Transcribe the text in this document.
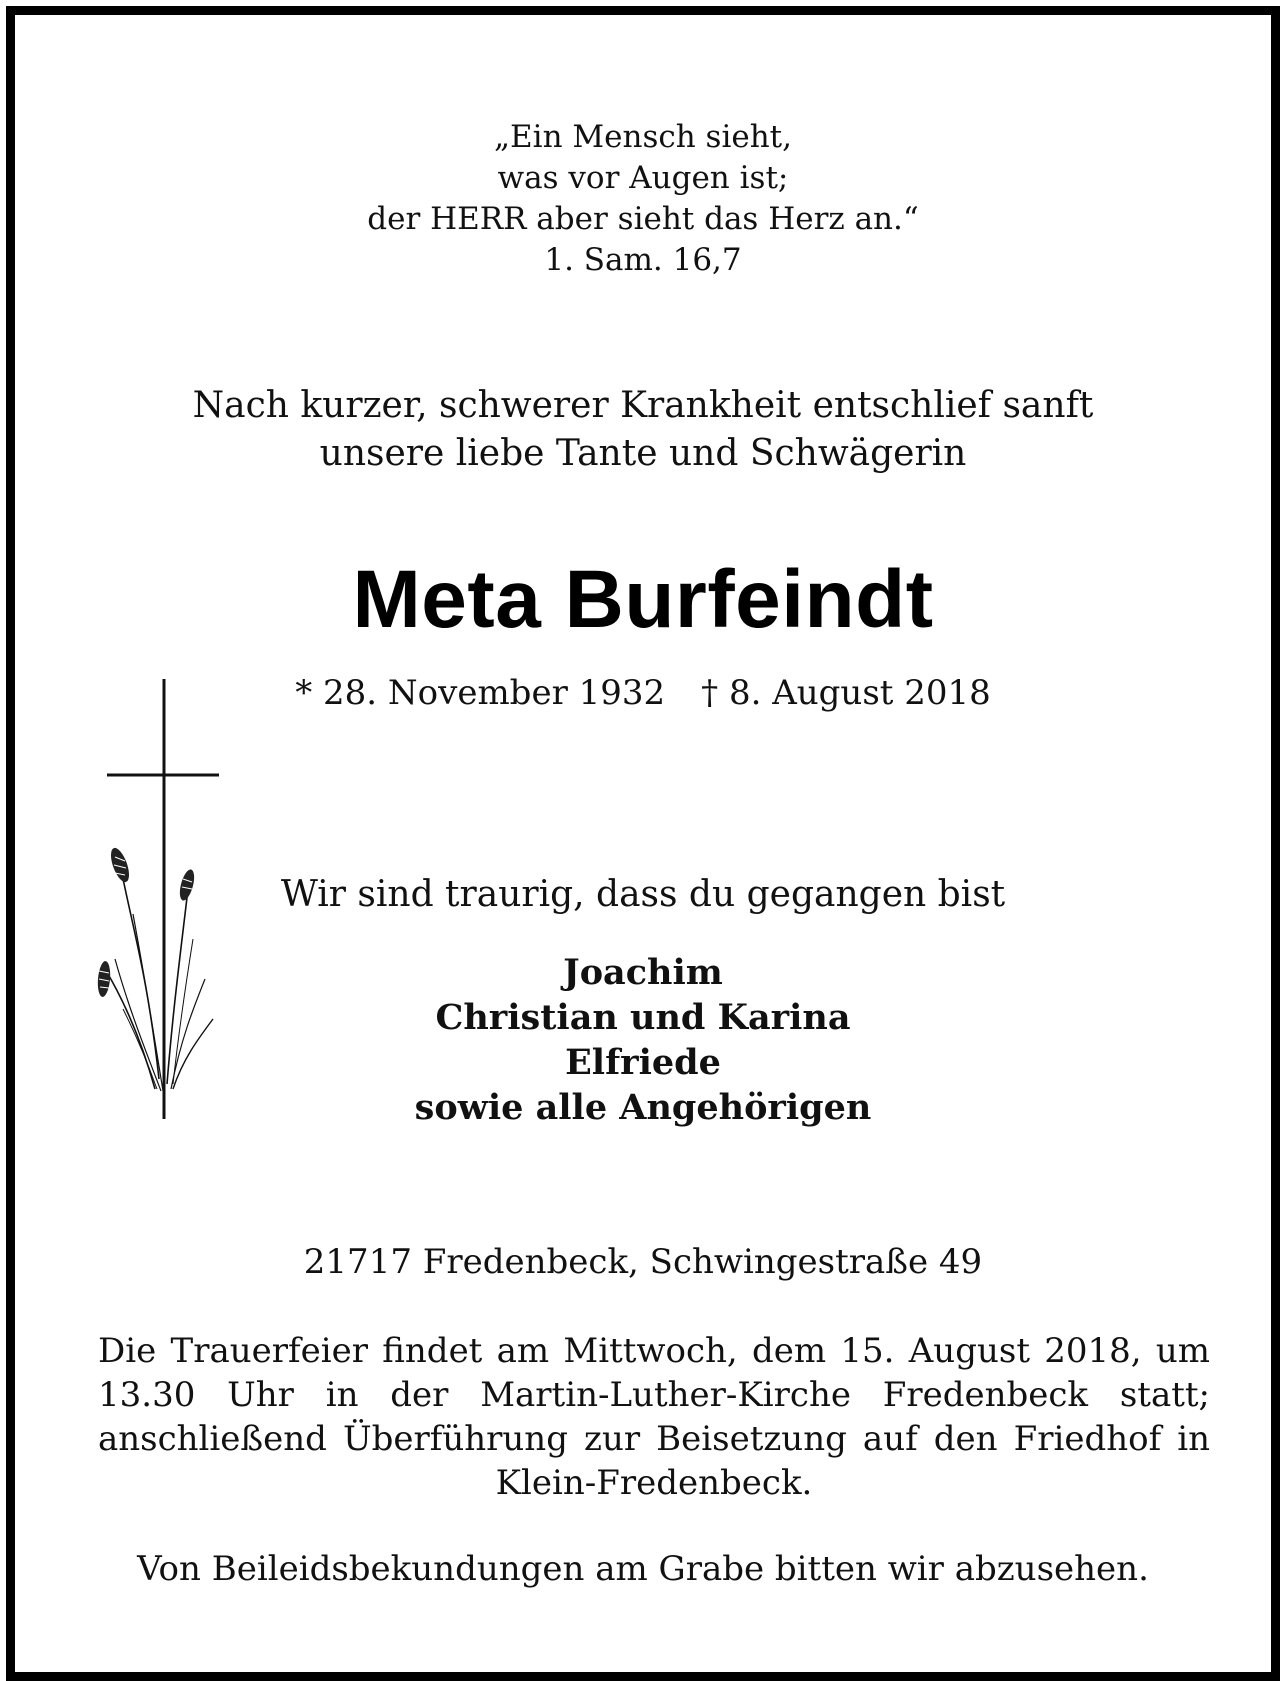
„Ein Mensch sieht,
was vor Augen ist;
der HERR aber sieht das Herz an.“
1. Sam. 16,7
Nach kurzer, schwerer Krankheit entschlief sanft
unsere liebe Tante und Schwägerin
Meta Burfeindt
* 28. November 1932 † 8. August 2018
Wir sind traurig, dass du gegangen bist
Joachim
Christian und Karina
Elfriede
sowie alle Angehörigen
21717 Fredenbeck, Schwingestraße 49
Die Trauerfeier findet am Mittwoch, dem 15. August 2018, um 13.30 Uhr in der Martin-Luther-Kirche Fredenbeck statt; anschließend Überführung zur Beisetzung auf den Friedhof in Klein-Fredenbeck.
Von Beileidsbekundungen am Grabe bitten wir abzusehen.
